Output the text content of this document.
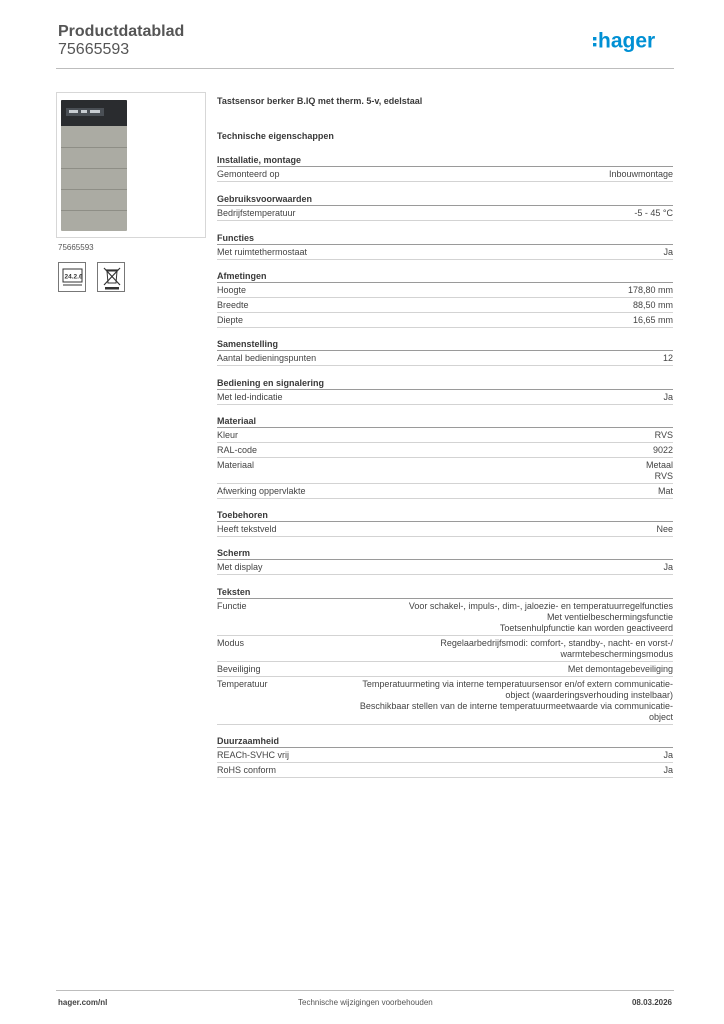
Productdatablad
75665593	hager
75665593
24.2.6
Tastsensor berker B.IQ met therm. 5-v, edelstaal
Technische eigenschappen
Installatie, montage
Gemonteerd op	Inbouwmontage
Gebruiksvoorwaarden
Bedrijfstemperatuur	-5 - 45 °C
Functies
Met ruimtethermostaat	Ja
Afmetingen
Hoogte	178,80 mm
Breedte	88,50 mm
Diepte	16,65 mm
Samenstelling
Aantal bedieningspunten	12
Bediening en signalering
Met led-indicatie	Ja
Materiaal
Kleur	RVS
RAL-code	9022
Materiaal	Metaal
RVS
Afwerking oppervlakte	Mat
Toebehoren
Heeft tekstveld	Nee
Scherm
Met display	Ja
Teksten
Functie	Voor schakel-, impuls-, dim-, jaloezie- en temperatuurregelfuncties
Met ventielbeschermingsfunctie
Toetsenhulpfunctie kan worden geactiveerd
Modus	Regelaarbedrijfsmodi: comfort-, standby-, nacht- en vorst-/
warmtebeschermingsmodus
Beveiliging	Met demontagebeveiliging
Temperatuur	Temperatuurmeting via interne temperatuursensor en/of extern communicatie-
object (waarderingsverhouding instelbaar)
Beschikbaar stellen van de interne temperatuurmeetwaarde via communicatie-
object
Duurzaamheid
REACh-SVHC vrij	Ja
RoHS conform	Ja
hager.com/nl	Technische wijzigingen voorbehouden	08.03.2026
